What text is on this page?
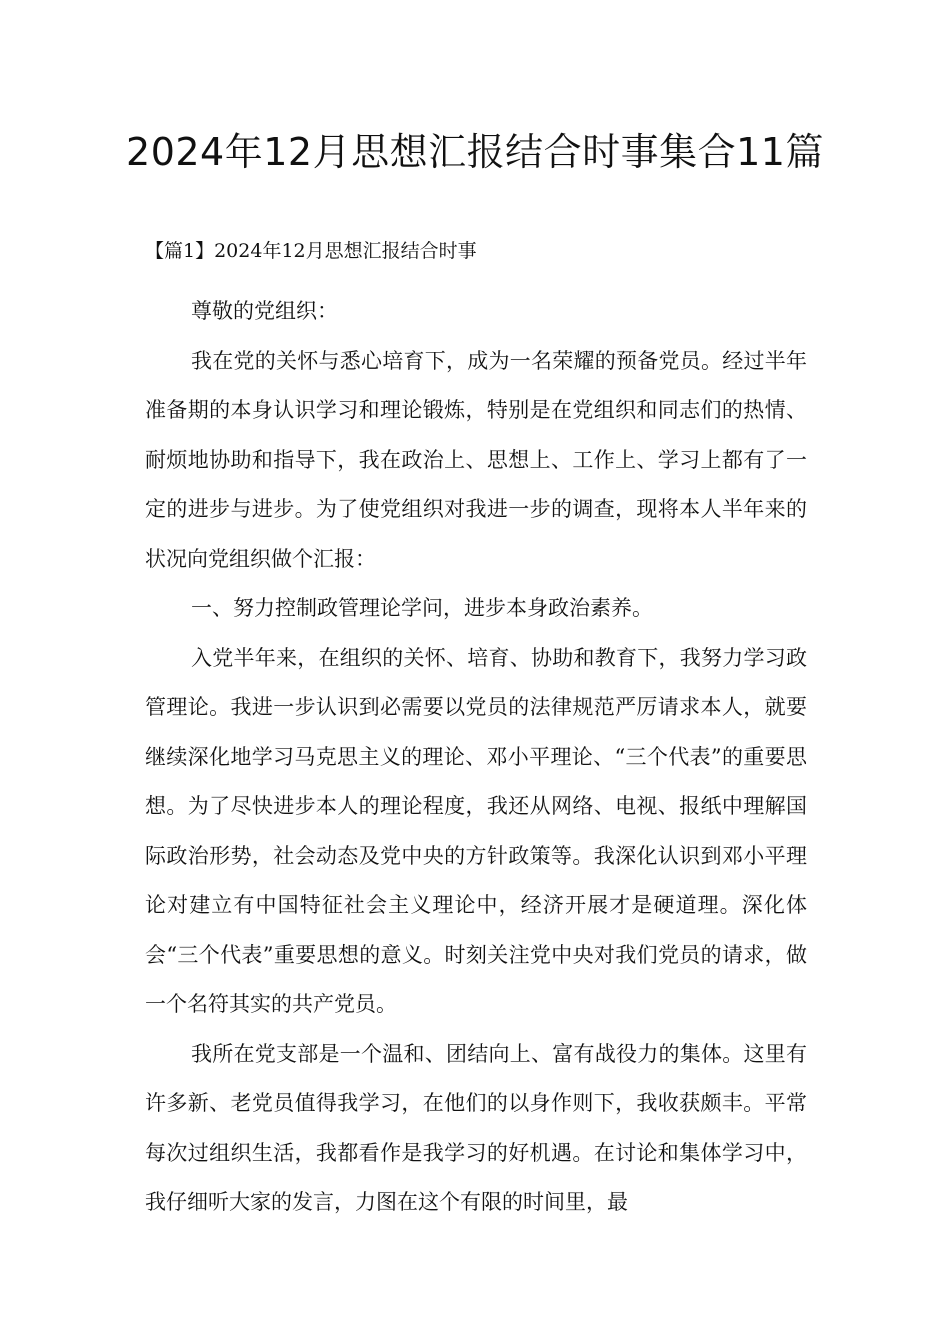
2024年12月思想汇报结合时事集合11篇
【篇1】2024年12月思想汇报结合时事

尊敬的党组织：

我在党的关怀与悉心培育下，成为一名荣耀的预备党员。经过半年准备期的本身认识学习和理论锻炼，特别是在党组织和同志们的热情、耐烦地协助和指导下，我在政治上、思想上、工作上、学习上都有了一定的进步与进步。为了使党组织对我进一步的调查，现将本人半年来的状况向党组织做个汇报：

一、努力控制政管理论学问，进步本身政治素养。

入党半年来，在组织的关怀、培育、协助和教育下，我努力学习政管理论。我进一步认识到必需要以党员的法律规范严厉请求本人，就要继续深化地学习马克思主义的理论、邓小平理论、“三个代表”的重要思想。为了尽快进步本人的理论程度，我还从网络、电视、报纸中理解国际政治形势，社会动态及党中央的方针政策等。我深化认识到邓小平理论对建立有中国特征社会主义理论中，经济开展才是硬道理。深化体会“三个代表”重要思想的意义。时刻关注党中央对我们党员的请求，做一个名符其实的共产党员。

我所在党支部是一个温和、团结向上、富有战役力的集体。这里有许多新、老党员值得我学习，在他们的以身作则下，我收获颇丰。平常每次过组织生活，我都看作是我学习的好机遇。在讨论和集体学习中，我仔细听大家的发言，力图在这个有限的时间里，最
